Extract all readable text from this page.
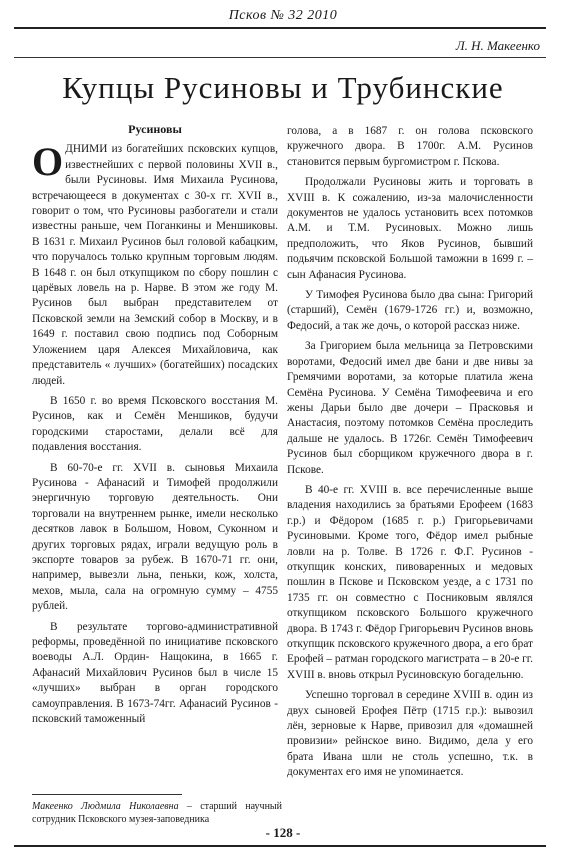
Псков № 32 2010
Л. Н. Макеенко
Купцы Русиновы и Трубинские

Русиновы

ОДНИМИ из богатейших псковских купцов, известнейших с первой половины XVII в., были Русиновы. Имя Михаила Русинова, встречающееся в документах с 30-х гг. XVII в., говорит о том, что Русиновы разбогатели и стали известны раньше, чем Поганкины и Меншиковы. В 1631 г. Михаил Русинов был головой кабацким, что поручалось только крупным торговым людям. В 1648 г. он был откупщиком по сбору пошлин с царёвых ловель на р. Нарве. В этом же году М. Русинов был выбран представителем от Псковской земли на Земский собор в Москву, и в 1649 г. поставил свою подпись под Соборным Уложением царя Алексея Михайловича, как представитель « лучших» (богатейших) посадских людей.

В 1650 г. во время Псковского восстания М. Русинов, как и Семён Меншиков, будучи городскими старостами, делали всё для подавления восстания.

В 60-70-е гг. XVII в. сыновья Михаила Русинова - Афанасий и Тимофей продолжили энергичную торговую деятельность. Они торговали на внутреннем рынке, имели несколько десятков лавок в Большом, Новом, Суконном и других торговых рядах, играли ведущую роль в экспорте товаров за рубеж. В 1670-71 гг. они, например, вывезли льна, пеньки, кож, холста, мехов, мыла, сала на огромную сумму – 4755 рублей.

В результате торгово-административной реформы, проведённой по инициативе псковского воеводы А.Л. Ордин- Нащокина, в 1665 г. Афанасий Михайлович Русинов был в числе 15 «лучших» выбран в орган городского самоуправления. В 1673-74гг. Афанасий Русинов - псковский таможенный

голова, а в 1687 г. он голова псковского кружечного двора. В 1700г. А.М. Русинов становится первым бургомистром г. Пскова.

Продолжали Русиновы жить и торговать в XVIII в. К сожалению, из-за малочисленности документов не удалось установить всех потомков А.М. и Т.М. Русиновых. Можно лишь предположить, что Яков Русинов, бывший подьячим псковской Большой таможни в 1699 г. – сын Афанасия Русинова.

У Тимофея Русинова было два сына: Григорий (старший), Семён (1679-1726 гг.) и, возможно, Федосий, а так же дочь, о которой рассказ ниже.

За Григорием была мельница за Петровскими воротами, Федосий имел две бани и две нивы за Гремячими воротами, за которые платила жена Семёна Русинова. У Семёна Тимофеевича и его жены Дарьи было две дочери – Прасковья и Анастасия, поэтому потомков Семёна проследить дальше не удалось. В 1726г. Семён Тимофеевич Русинов был сборщиком кружечного двора в г. Пскове.

В 40-е гг. XVIII в. все перечисленные выше владения находились за братьями Ерофеем (1683 г.р.) и Фёдором (1685 г. р.) Григорьевичами Русиновыми. Кроме того, Фёдор имел рыбные ловли на р. Толве. В 1726 г. Ф.Г. Русинов - откупщик конских, пивоваренных и медовых пошлин в Пскове и Псковском уезде, а с 1731 по 1735 гг. он совместно с Посниковым являлся откупщиком псковского Большого кружечного двора. В 1743 г. Фёдор Григорьевич Русинов вновь откупщик псковского кружечного двора, а его брат Ерофей – ратман городского магистрата – в 20-е гг. XVIII в. вновь открыл Русиновскую богадельню.

Успешно торговал в середине XVIII в. один из двух сыновей Ерофея Пётр (1715 г.р.): вывозил лён, зерновые к Нарве, привозил для «домашней провизии» рейнское вино. Видимо, дела у его брата Ивана шли не столь успешно, т.к. в документах его имя не упоминается.

Макеенко Людмила Николаевна – старший научный сотрудник Псковского музея-заповедника
- 128 -
